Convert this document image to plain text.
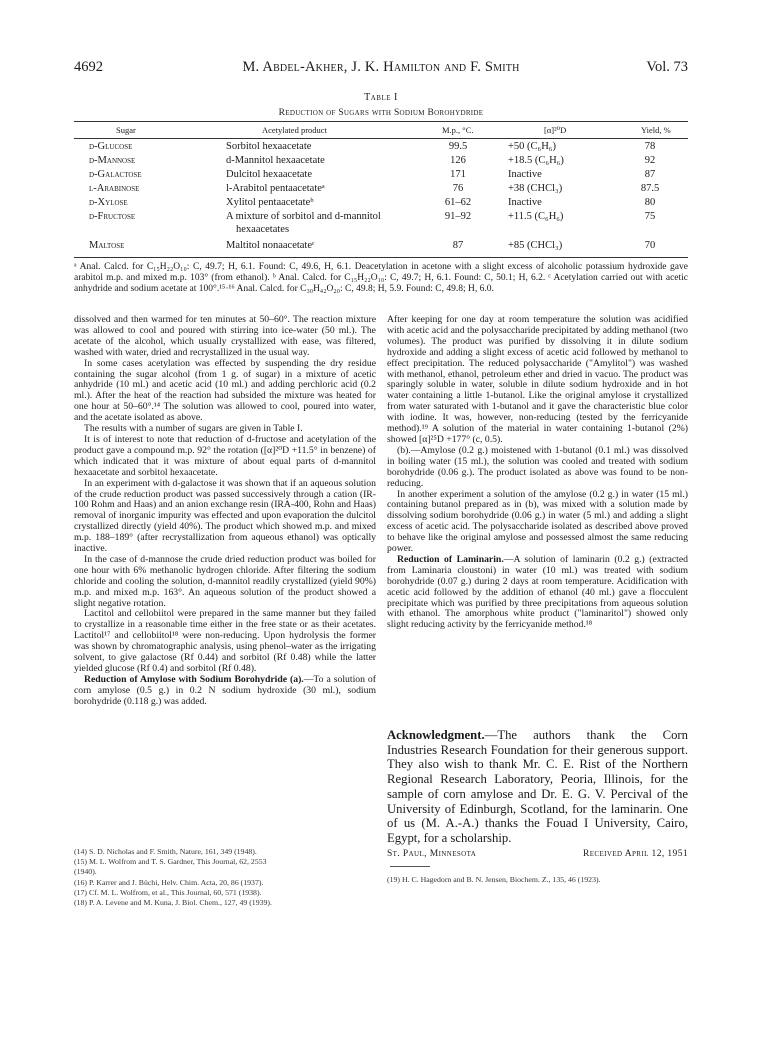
4692	M. Abdel-Akher, J. K. Hamilton and F. Smith	Vol. 73
Table I
Reduction of Sugars with Sodium Borohydride
Sugar	Acetylated product	M.p., °C.	[α]²⁰D	Yield, %
d-Glucose	Sorbitol hexaacetate	99.5	+50 (C₆H₆)	78
d-Mannose	d-Mannitol hexaacetate	126	+18.5 (C₆H₆)	92
d-Galactose	Dulcitol hexaacetate	171	Inactive	87
l-Arabinose	l-Arabitol pentaacetateᵃ	76	+38 (CHCl₃)	87.5
d-Xylose	Xylitol pentaacetateᵇ	61–62	Inactive	80
d-Fructose	A mixture of sorbitol and d-mannitol	91–92	+11.5 (C₆H₆)	75
hexaacetates
Maltose	Maltitol nonaacetateᶜ	87	+85 (CHCl₃)	70
ᵃ Anal. Calcd. for C₁₅H₂₂O₁₀: C, 49.7; H, 6.1. Found: C, 49.6, H, 6.1. Deacetylation in acetone with a slight excess of alcoholic potassium hydroxide gave arabitol m.p. and mixed m.p. 103° (from ethanol). ᵇ Anal. Calcd. for C₁₅H₂₂O₁₀: C, 49.7; H, 6.1. Found: C, 50.1; H, 6.2. ᶜ Acetylation carried out with acetic anhydride and sodium acetate at 100°.¹⁵·¹⁶ Anal. Calcd. for C₃₀H₄₂O₂₀: C, 49.8; H, 5.9. Found: C, 49.8; H, 6.0.

dissolved and then warmed for ten minutes at 50–60°. The reaction mixture was allowed to cool and poured with stirring into ice-water (50 ml.). The acetate of the alcohol, which usually crystallized with ease, was filtered, washed with water, dried and recrystallized in the usual way.

In some cases acetylation was effected by suspending the dry residue containing the sugar alcohol (from 1 g. of sugar) in a mixture of acetic anhydride (10 ml.) and acetic acid (10 ml.) and adding perchloric acid (0.2 ml.). After the heat of the reaction had subsided the mixture was heated for one hour at 50–60°.¹⁴ The solution was allowed to cool, poured into water, and the acetate isolated as above.

The results with a number of sugars are given in Table I.

It is of interest to note that reduction of d-fructose and acetylation of the product gave a compound m.p. 92° the rotation ([α]²⁰D +11.5° in benzene) of which indicated that it was mixture of about equal parts of d-mannitol hexaacetate and sorbitol hexaacetate.

In an experiment with d-galactose it was shown that if an aqueous solution of the crude reduction product was passed successively through a cation (IR-100 Rohm and Haas) and an anion exchange resin (IRA-400, Rohn and Haas) removal of inorganic impurity was effected and upon evaporation the dulcitol crystallized directly (yield 40%). The product which showed m.p. and mixed m.p. 188–189° (after recrystallization from aqueous ethanol) was optically inactive.

In the case of d-mannose the crude dried reduction product was boiled for one hour with 6% methanolic hydrogen chloride. After filtering the sodium chloride and cooling the solution, d-mannitol readily crystallized (yield 90%) m.p. and mixed m.p. 163°. An aqueous solution of the product showed a slight negative rotation.

Lactitol and cellobiitol were prepared in the same manner but they failed to crystallize in a reasonable time either in the free state or as their acetates. Lactitol¹⁷ and cellobiitol¹⁸ were non-reducing. Upon hydrolysis the former was shown by chromatographic analysis, using phenol–water as the irrigating solvent, to give galactose (Rf 0.44) and sorbitol (Rf 0.48) while the latter yielded glucose (Rf 0.4) and sorbitol (Rf 0.48).

Reduction of Amylose with Sodium Borohydride (a).—To a solution of corn amylose (0.5 g.) in 0.2 N sodium hydroxide (30 ml.), sodium borohydride (0.118 g.) was added.

After keeping for one day at room temperature the solution was acidified with acetic acid and the polysaccharide precipitated by adding methanol (two volumes). The product was purified by dissolving it in dilute sodium hydroxide and adding a slight excess of acetic acid followed by methanol to effect precipitation. The reduced polysaccharide ("Amylitol") was washed with methanol, ethanol, petroleum ether and dried in vacuo. The product was sparingly soluble in water, soluble in dilute sodium hydroxide and in hot water containing a little 1-butanol. Like the original amylose it crystallized from water saturated with 1-butanol and it gave the characteristic blue color with iodine. It was, however, non-reducing (tested by the ferricyanide method).¹⁹ A solution of the material in water containing 1-butanol (2%) showed [α]²⁵D +177° (c, 0.5).

(b).—Amylose (0.2 g.) moistened with 1-butanol (0.1 ml.) was dissolved in boiling water (15 ml.), the solution was cooled and treated with sodium borohydride (0.06 g.). The product isolated as above was found to be non-reducing.

In another experiment a solution of the amylose (0.2 g.) in water (15 ml.) containing butanol prepared as in (b), was mixed with a solution made by dissolving sodium borohydride (0.06 g.) in water (5 ml.) and adding a slight excess of acetic acid. The polysaccharide isolated as described above proved to behave like the original amylose and possessed almost the same reducing power.

Reduction of Laminarin.—A solution of laminarin (0.2 g.) (extracted from Laminaria cloustoni) in water (10 ml.) was treated with sodium borohydride (0.07 g.) during 2 days at room temperature. Acidification with acetic acid followed by the addition of ethanol (40 ml.) gave a flocculent precipitate which was purified by three precipitations from aqueous solution with ethanol. The amorphous white product ("laminaritol") showed only slight reducing activity by the ferricyanide method.¹⁸

Acknowledgment.—The authors thank the Corn Industries Research Foundation for their generous support. They also wish to thank Mr. C. E. Rist of the Northern Regional Research Laboratory, Peoria, Illinois, for the sample of corn amylose and Dr. E. G. V. Percival of the University of Edinburgh, Scotland, for the laminarin. One of us (M. A.-A.) thanks the Fouad I University, Cairo, Egypt, for a scholarship.
St. Paul, Minnesota	Received April 12, 1951
(14) S. D. Nicholas and F. Smith, Nature, 161, 349 (1948).
(15) M. L. Wolfrom and T. S. Gardner, This Journal, 62, 2553
(1940).
(16) P. Karrer and J. Büchi, Helv. Chim. Acta, 20, 86 (1937).
(17) Cf. M. L. Wolfrom, et al., This Journal, 60, 571 (1938).
(18) P. A. Levene and M. Kuna, J. Biol. Chem., 127, 49 (1939).
(19) H. C. Hagedorn and B. N. Jensen, Biochem. Z., 135, 46 (1923).
